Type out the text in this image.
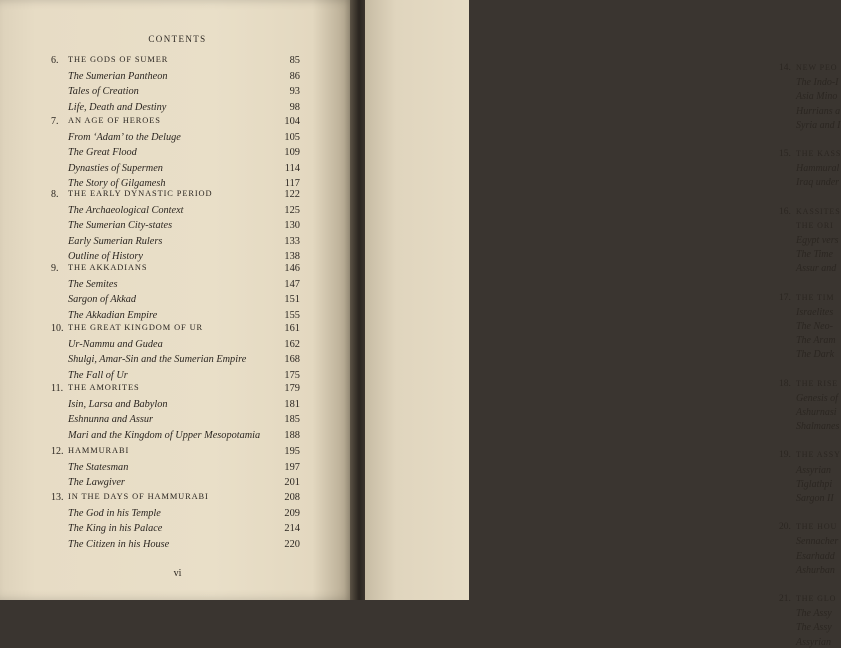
CONTENTS
6.	THE GODS OF SUMER	85
The Sumerian Pantheon	86
Tales of Creation	93
Life, Death and Destiny	98
7.	AN AGE OF HEROES	104
From ‘Adam’ to the Deluge	105
The Great Flood	109
Dynasties of Supermen	114
The Story of Gilgamesh	117
8.	THE EARLY DYNASTIC PERIOD	122
The Archaeological Context	125
The Sumerian City-states	130
Early Sumerian Rulers	133
Outline of History	138
9.	THE AKKADIANS	146
The Semites	147
Sargon of Akkad	151
The Akkadian Empire	155
10. THE GREAT KINGDOM OF UR	161
Ur-Nammu and Gudea	162
Shulgi, Amar-Sin and the Sumerian Empire	168
The Fall of Ur	175
11. THE AMORITES	179
Isin, Larsa and Babylon	181
Eshnunna and Assur	185
Mari and the Kingdom of Upper Mesopotamia	188
12. HAMMURABI	195
The Statesman	197
The Lawgiver	201
13. IN THE DAYS OF HAMMURABI	208
The God in his Temple	209
The King in his Palace	214
The Citizen in his House	220
vi
14. NEW PEO
The Indo-I
Asia Mino
Hurrians a
Syria and I
15. THE KASS
Hammural
Iraq under
16. KASSITES
THE ORI
Egypt vers
The Time
Assur and
17. THE TIM
Israelites
The Neo-
The Aram
The Dark
18. THE RISE
Genesis of
Ashurnasi
Shalmanes
19. THE ASSY
Assyrian
Tiglathpi
Sargon II
20. THE HOU
Sennacher
Esarhadd
Ashurban
21. THE GLO
The Assy
The Assy
Assyrian
